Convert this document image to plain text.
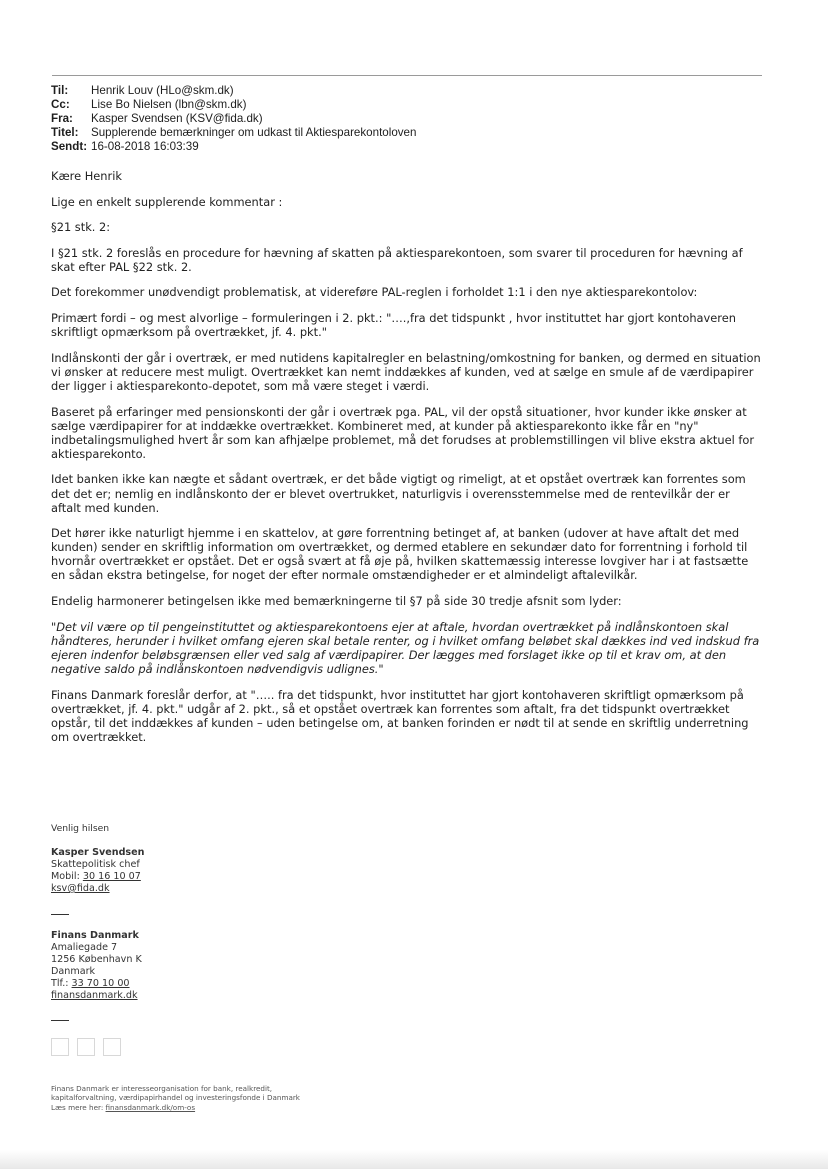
Til:	Henrik Louv (HLo@skm.dk)
Cc:	Lise Bo Nielsen (lbn@skm.dk)
Fra:	Kasper Svendsen (KSV@fida.dk)
Titel:	Supplerende bemærkninger om udkast til Aktiesparekontoloven
Sendt: 16-08-2018 16:03:39

Kære Henrik

Lige en enkelt supplerende kommentar :

§21 stk. 2:

I §21 stk. 2 foreslås en procedure for hævning af skatten på aktiesparekontoen, som svarer til proceduren for hævning af skat efter PAL §22 stk. 2.

Det forekommer unødvendigt problematisk, at videreføre PAL-reglen i forholdet 1:1 i den nye aktiesparekontolov:

Primært fordi – og mest alvorlige – formuleringen i 2. pkt.: "….,fra det tidspunkt , hvor instituttet har gjort kontohaveren skriftligt opmærksom på overtrækket, jf. 4. pkt."

Indlånskonti der går i overtræk, er med nutidens kapitalregler en belastning/omkostning for banken, og dermed en situation vi ønsker at reducere mest muligt. Overtrækket kan nemt inddækkes af kunden, ved at sælge en smule af de værdipapirer der ligger i aktiesparekonto-depotet, som må være steget i værdi.

Baseret på erfaringer med pensionskonti der går i overtræk pga. PAL, vil der opstå situationer, hvor kunder ikke ønsker at sælge værdipapirer for at inddække overtrækket. Kombineret med, at kunder på aktiesparekonto ikke får en "ny" indbetalingsmulighed hvert år som kan afhjælpe problemet, må det forudses at problemstillingen vil blive ekstra aktuel for aktiesparekonto.

Idet banken ikke kan nægte et sådant overtræk, er det både vigtigt og rimeligt, at et opstået overtræk kan forrentes som det det er; nemlig en indlånskonto der er blevet overtrukket, naturligvis i overensstemmelse med de rentevilkår der er aftalt med kunden.

Det hører ikke naturligt hjemme i en skattelov, at gøre forrentning betinget af, at banken (udover at have aftalt det med kunden) sender en skriftlig information om overtrækket, og dermed etablere en sekundær dato for forrentning i forhold til hvornår overtrækket er opstået. Det er også svært at få øje på, hvilken skattemæssig interesse lovgiver har i at fastsætte en sådan ekstra betingelse, for noget der efter normale omstændigheder er et almindeligt aftalevilkår.

Endelig harmonerer betingelsen ikke med bemærkningerne til §7 på side 30 tredje afsnit som lyder:

"Det vil være op til pengeinstituttet og aktiesparekontoens ejer at aftale, hvordan overtrækket på indlånskontoen skal håndteres, herunder i hvilket omfang ejeren skal betale renter, og i hvilket omfang beløbet skal dækkes ind ved indskud fra ejeren indenfor beløbsgrænsen eller ved salg af værdipapirer. Der lægges med forslaget ikke op til et krav om, at den negative saldo på indlånskontoen nødvendigvis udlignes."

Finans Danmark foreslår derfor, at "….. fra det tidspunkt, hvor instituttet har gjort kontohaveren skriftligt opmærksom på overtrækket, jf. 4. pkt." udgår af 2. pkt., så et opstået overtræk kan forrentes som aftalt, fra det tidspunkt overtrækket opstår, til det inddækkes af kunden – uden betingelse om, at banken forinden er nødt til at sende en skriftlig underretning om overtrækket.

Venlig hilsen
Kasper Svendsen
Skattepolitisk chef
Mobil: 30 16 10 07
ksv@fida.dk
Finans Danmark
Amaliegade 7
1256 København K
Danmark
Tlf.: 33 70 10 00
finansdanmark.dk
Finans Danmark er interesseorganisation for bank, realkredit,
kapitalforvaltning, værdipapirhandel og investeringsfonde i Danmark
Læs mere her: finansdanmark.dk/om-os
